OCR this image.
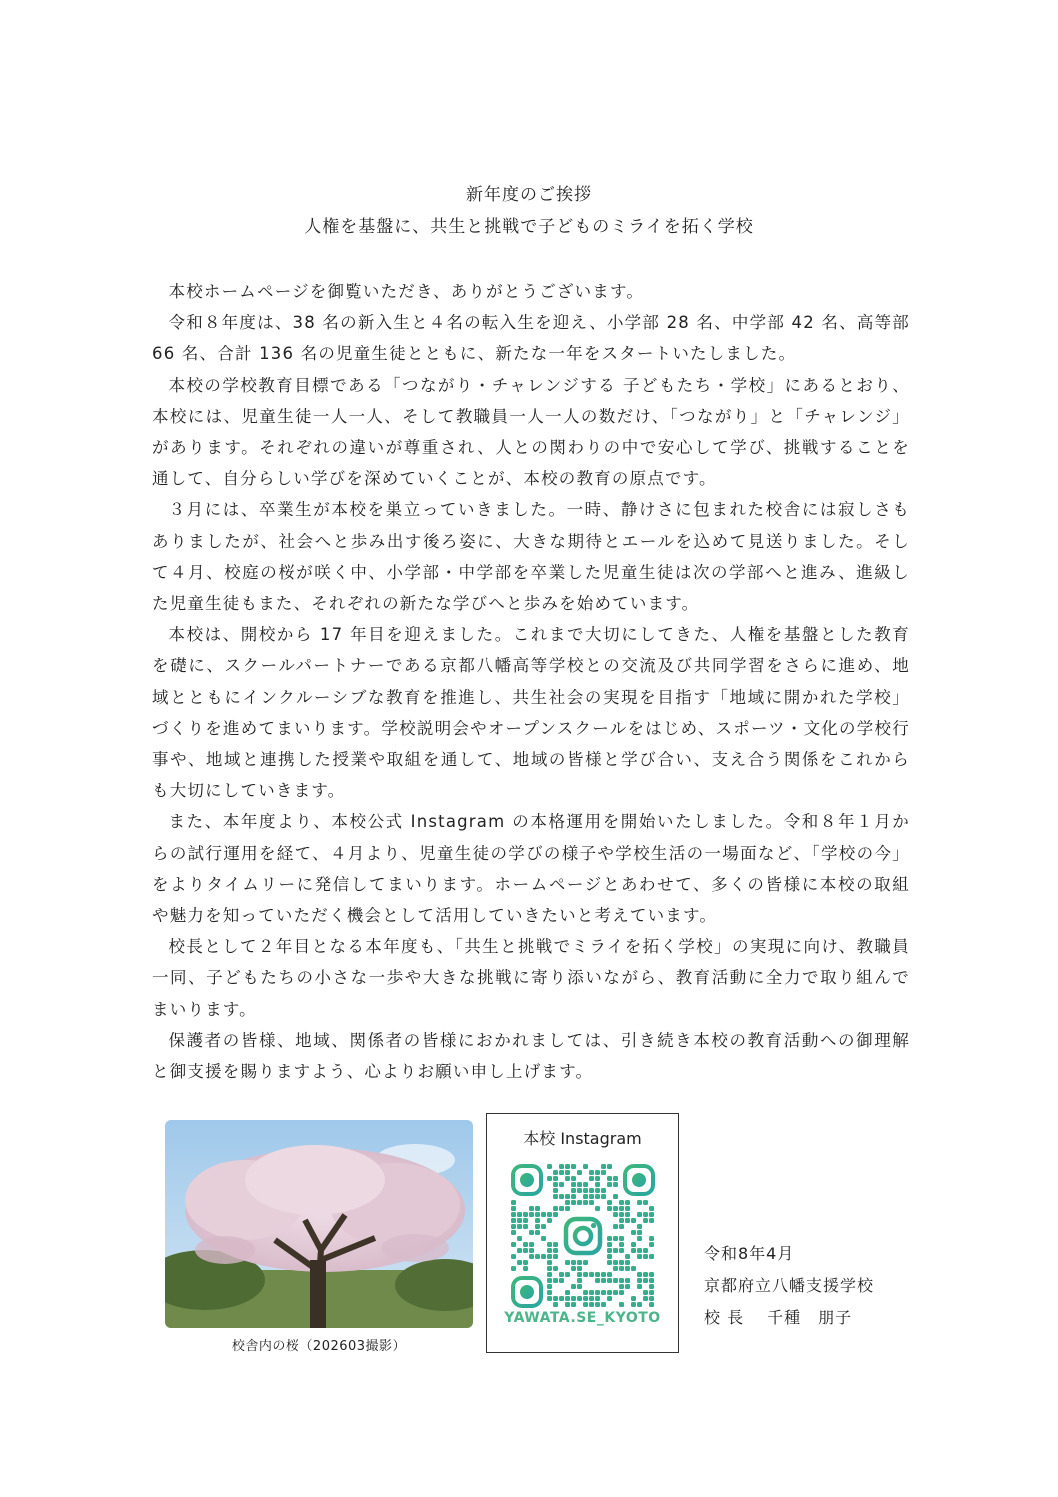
新年度のご挨拶
人権を基盤に、共生と挑戦で子どものミライを拓く学校

本校ホームページを御覧いただき、ありがとうございます。

令和８年度は、38 名の新入生と４名の転入生を迎え、小学部 28 名、中学部 42 名、高等部 66 名、合計 136 名の児童生徒とともに、新たな一年をスタートいたしました。

本校の学校教育目標である「つながり・チャレンジする 子どもたち・学校」にあるとおり、本校には、児童生徒一人一人、そして教職員一人一人の数だけ、「つながり」と「チャレンジ」があります。それぞれの違いが尊重され、人との関わりの中で安心して学び、挑戦することを通して、自分らしい学びを深めていくことが、本校の教育の原点です。

３月には、卒業生が本校を巣立っていきました。一時、静けさに包まれた校舎には寂しさもありましたが、社会へと歩み出す後ろ姿に、大きな期待とエールを込めて見送りました。そして４月、校庭の桜が咲く中、小学部・中学部を卒業した児童生徒は次の学部へと進み、進級した児童生徒もまた、それぞれの新たな学びへと歩みを始めています。

本校は、開校から 17 年目を迎えました。これまで大切にしてきた、人権を基盤とした教育を礎に、スクールパートナーである京都八幡高等学校との交流及び共同学習をさらに進め、地域とともにインクルーシブな教育を推進し、共生社会の実現を目指す「地域に開かれた学校」づくりを進めてまいります。学校説明会やオープンスクールをはじめ、スポーツ・文化の学校行事や、地域と連携した授業や取組を通して、地域の皆様と学び合い、支え合う関係をこれからも大切にしていきます。

また、本年度より、本校公式 Instagram の本格運用を開始いたしました。令和８年１月からの試行運用を経て、４月より、児童生徒の学びの様子や学校生活の一場面など、「学校の今」をよりタイムリーに発信してまいります。ホームページとあわせて、多くの皆様に本校の取組や魅力を知っていただく機会として活用していきたいと考えています。

校長として２年目となる本年度も、「共生と挑戦でミライを拓く学校」の実現に向け、教職員一同、子どもたちの小さな一歩や大きな挑戦に寄り添いながら、教育活動に全力で取り組んでまいります。

保護者の皆様、地域、関係者の皆様におかれましては、引き続き本校の教育活動への御理解と御支援を賜りますよう、心よりお願い申し上げます。

校舎内の桜（202603撮影）
本校 Instagram
YAWATA.SE_KYOTO
令和8年4月
京都府立八幡支援学校
校 長　 千種　朋子
